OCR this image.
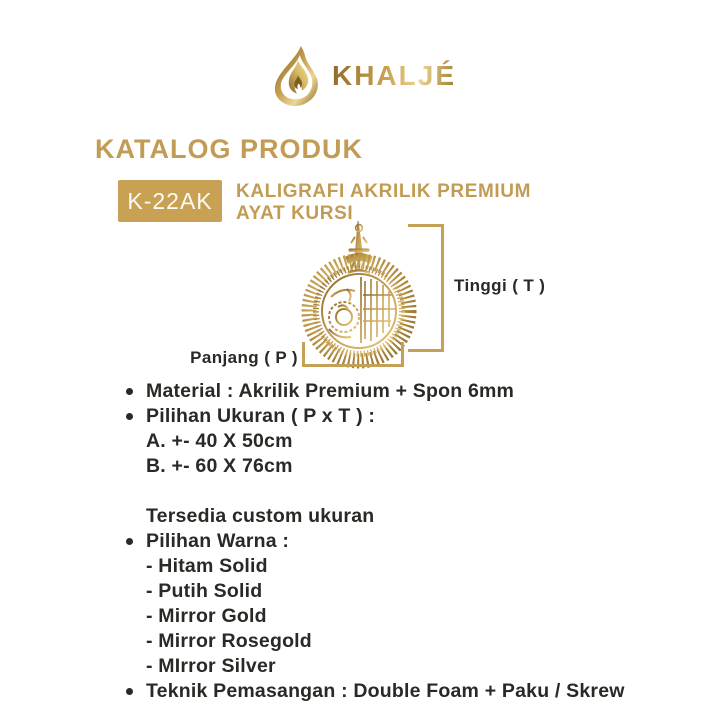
KHALJÉ
KATALOG PRODUK
K-22AK	KALIGRAFI AKRILIK PREMIUM
AYAT KURSI
Tinggi ( T )
Panjang ( P )
Material : Akrilik Premium + Spon 6mm
Pilihan Ukuran ( P x T ) :
A. +- 40 X 50cm
B. +- 60 X 76cm
Tersedia custom ukuran
Pilihan Warna :
- Hitam Solid
- Putih Solid
- Mirror Gold
- Mirror Rosegold
- MIrror Silver
Teknik Pemasangan : Double Foam + Paku / Skrew
